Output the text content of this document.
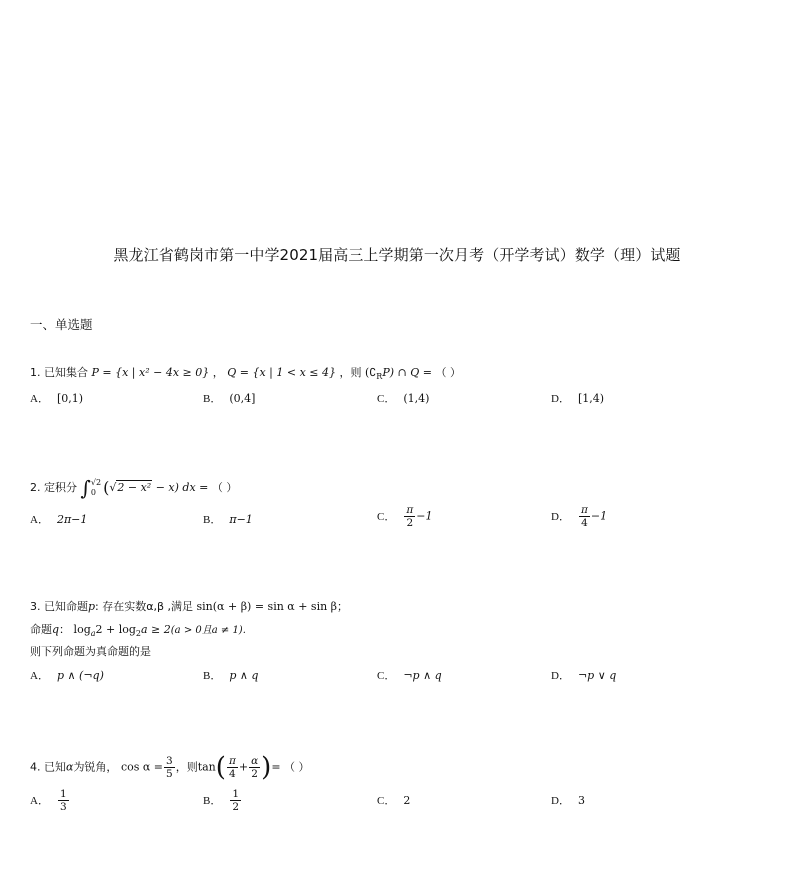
黑龙江省鹤岗市第一中学2021届高三上学期第一次月考（开学考试）数学（理）试题
一、单选题
1. 已知集合 P = {x | x² − 4x ≥ 0} ， Q = {x | 1 < x ≤ 4} ，则 $(∁_RP)$ ∩ Q = （ ）
A． [0,1)	B． (0,4]	C． (1,4)	D． [1,4)
2. 定积分 ∫ √2
0 (√2 − x² − x) dx = （ ）
A． 2π−1	B． π−1	C． $\frac{\pi}{2} -1$	D． $\frac{\pi}{4} -1$
3. 已知命题p: 存在实数α,β ,满足 sin(α + β) = sin α + sin β；
命题q： $\log_a2 + \log_2a \ge 2(a > 0$且a ≠ 1).
则下列命题为真命题的是
A． p ∧ (¬q)	B． p ∧ q	C． ¬p ∧ q	D． ¬p ∨ q
4. 已知α为锐角， $\cos \alpha = \frac{3}{5}$ ，则$\tan( \frac{\pi}{4} + \frac{\alpha}{2}$ )= （ ）
A． $\frac{1}{3}$	B． $\frac{1}{2}$	C． 2	D． 3
